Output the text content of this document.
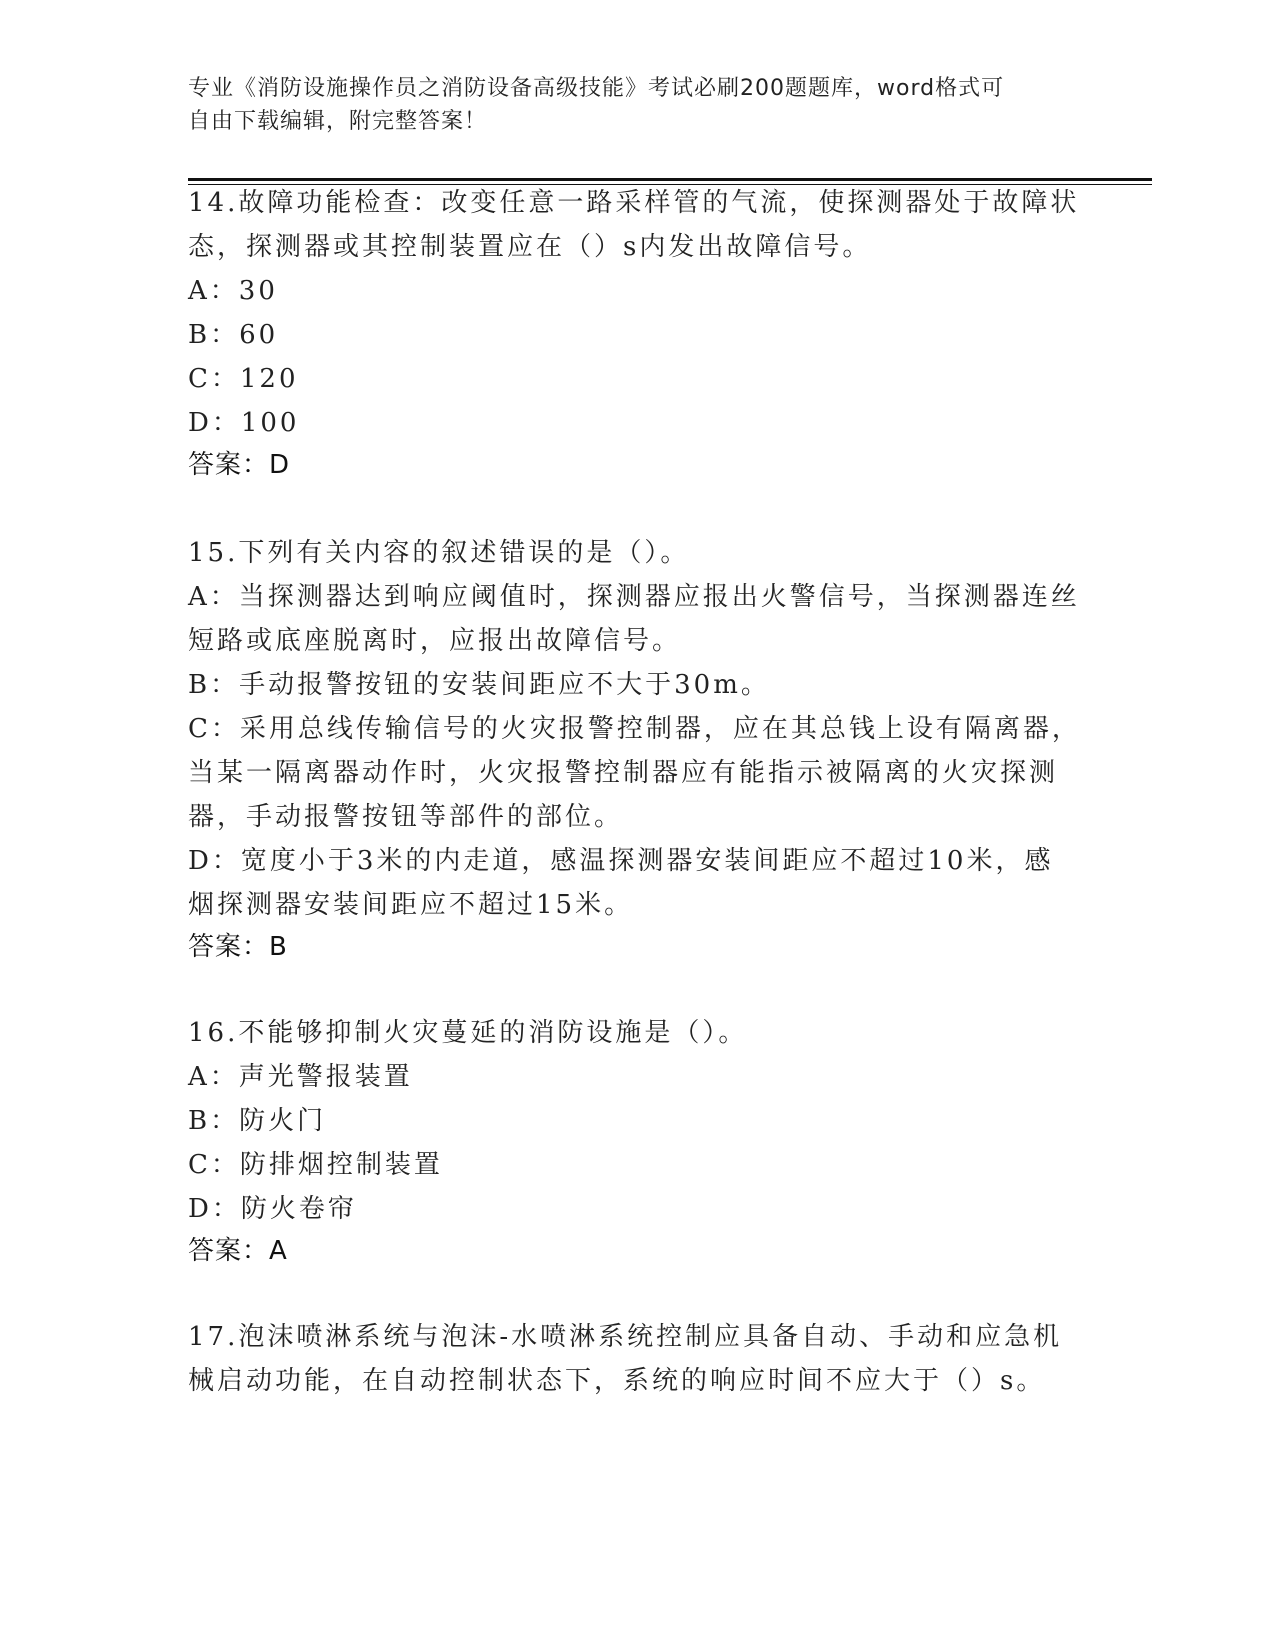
专业《消防设施操作员之消防设备高级技能》考试必刷200题题库，word格式可
自由下载编辑，附完整答案！

14.故障功能检查：改变任意一路采样管的气流，使探测器处于故障状

态，探测器或其控制装置应在（）s内发出故障信号。

A：30

B：60

C：120

D：100

答案：D

15.下列有关内容的叙述错误的是（）。

A：当探测器达到响应阈值时，探测器应报出火警信号，当探测器连丝

短路或底座脱离时，应报出故障信号。

B：手动报警按钮的安装间距应不大于30m。

C：采用总线传输信号的火灾报警控制器，应在其总钱上设有隔离器，

当某一隔离器动作时，火灾报警控制器应有能指示被隔离的火灾探测

器，手动报警按钮等部件的部位。

D：宽度小于3米的内走道，感温探测器安装间距应不超过10米，感

烟探测器安装间距应不超过15米。

答案：B

16.不能够抑制火灾蔓延的消防设施是（）。

A：声光警报装置

B：防火门

C：防排烟控制装置

D：防火卷帘

答案：A

17.泡沫喷淋系统与泡沫-水喷淋系统控制应具备自动、手动和应急机

械启动功能，在自动控制状态下，系统的响应时间不应大于（）s。
